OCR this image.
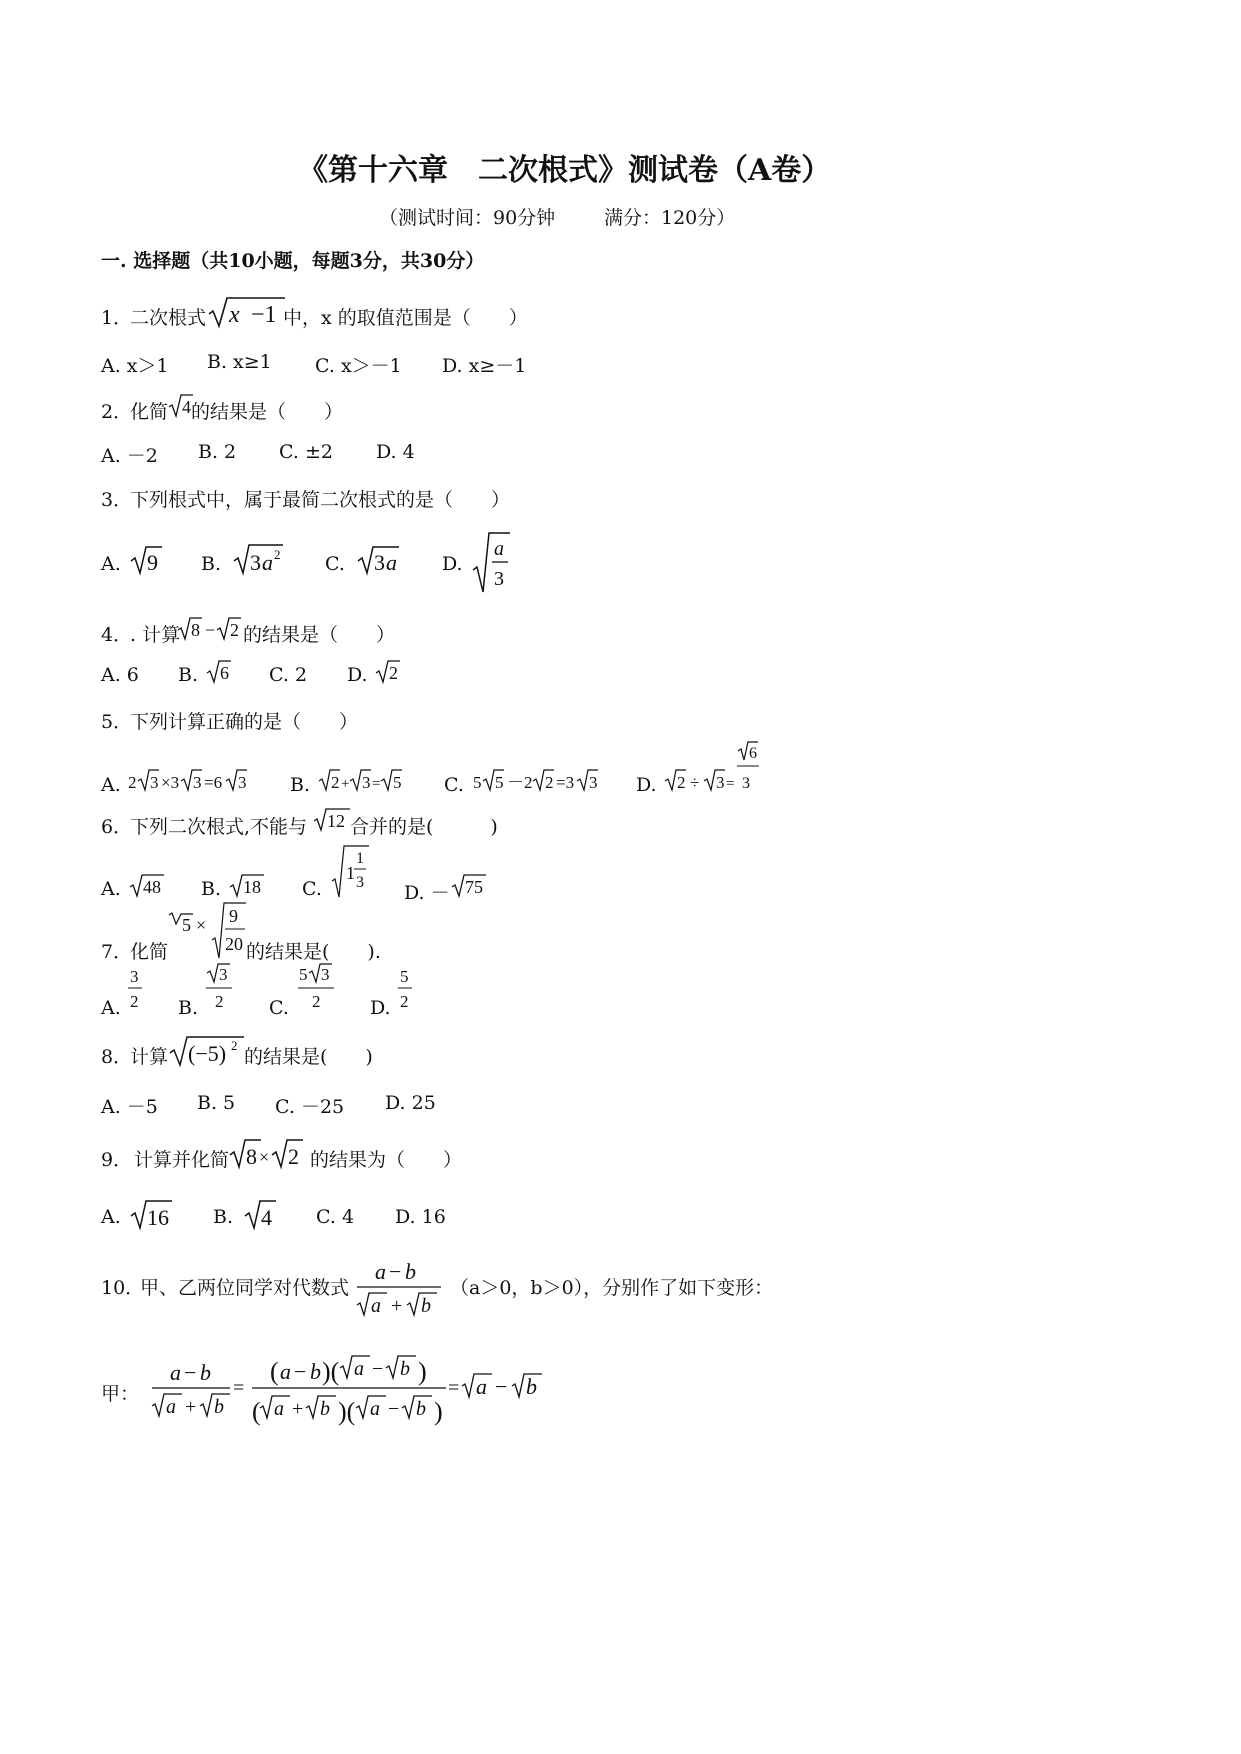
《第十六章　二次根式》测试卷（A卷）
（测试时间：90分钟	满分：120分）
一. 选择题（共10小题，每题3分，共30分）
1．
二次根式 x −1 中，x 的取值范围是（　　）
A. x＞1 B. x≥1 C. x＞－1 D. x≥－1
2．
化简 4 的结果是（　　）
A. －2 B. 2 C. ±2 D. 4
3．
下列根式中，属于最简二次根式的是（　　）
A. 9 B. 3 a 2 C. 3 a D.
a
3
4．
. 计算 8 − 2 的结果是（　　）
A. 6 B. 6 C. 2 D. 2
5．
下列计算正确的是（　　）
A. 2 3 ×3 3 =6 3 B. 2 + 3 = 5 C. 5 5 －2 2 =3 3 D. 2 ÷ 3 =
6
3
6．
下列二次根式,不能与 12 合并的是(　　　)
A. 48 B. 18 C.
1
1
3 D. － 75
7．
化简
5 × 9
20 的结果是(　　).
A.
3
2 B.
3
2 C.
5 3
2	D.
5
2
8．
计算 (−5) 2
的结果是(　　)
A. －5 B. 5 C. －25 D. 25
9． 计算并化简 8 × 2 的结果为（　　）
A. 16 B. 4 C. 4 D. 16
10．
甲、乙两位同学对代数式
a − b
a + b
（a＞0，b＞0），分别作了如下变形：
甲：
a − b
a + b
=
( a − b )( a − b )
( a + b )( a − b )
= a − b
